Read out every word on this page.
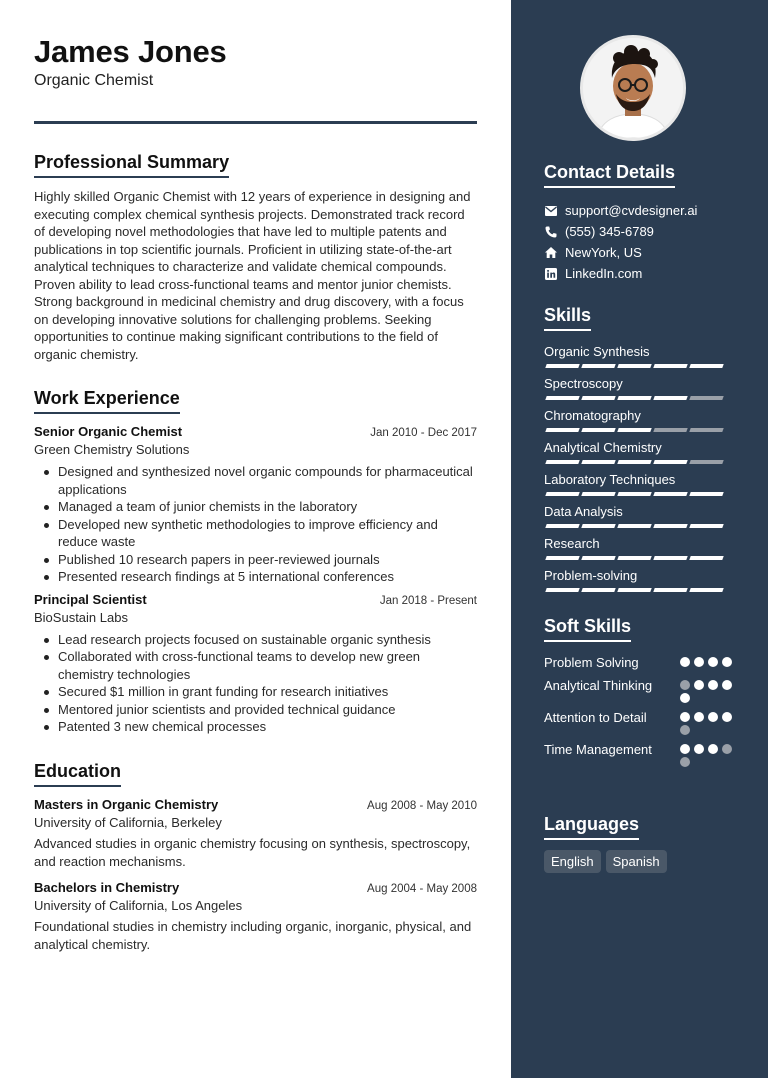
James Jones
Organic Chemist
Professional Summary

Highly skilled Organic Chemist with 12 years of experience in designing and executing complex chemical synthesis projects. Demonstrated track record of developing novel methodologies that have led to multiple patents and publications in top scientific journals. Proficient in utilizing state-of-the-art analytical techniques to characterize and validate chemical compounds. Proven ability to lead cross-functional teams and mentor junior chemists. Strong background in medicinal chemistry and drug discovery, with a focus on developing innovative solutions for challenging problems. Seeking opportunities to continue making significant contributions to the field of organic chemistry.

Work Experience
Senior Organic Chemist	Jan 2010 - Dec 2017
Green Chemistry Solutions
Designed and synthesized novel organic compounds for pharmaceutical applications
Managed a team of junior chemists in the laboratory
Developed new synthetic methodologies to improve efficiency and reduce waste
Published 10 research papers in peer-reviewed journals
Presented research findings at 5 international conferences
Principal Scientist	Jan 2018 - Present
BioSustain Labs
Lead research projects focused on sustainable organic synthesis
Collaborated with cross-functional teams to develop new green chemistry technologies
Secured $1 million in grant funding for research initiatives
Mentored junior scientists and provided technical guidance
Patented 3 new chemical processes
Education
Masters in Organic Chemistry	Aug 2008 - May 2010
University of California, Berkeley

Advanced studies in organic chemistry focusing on synthesis, spectroscopy, and reaction mechanisms.

Bachelors in Chemistry	Aug 2004 - May 2008
University of California, Los Angeles

Foundational studies in chemistry including organic, inorganic, physical, and analytical chemistry.

Contact Details
support@cvdesigner.ai
(555) 345-6789
NewYork, US
LinkedIn.com
Skills
Organic Synthesis
Spectroscopy
Chromatography
Analytical Chemistry
Laboratory Techniques
Data Analysis
Research
Problem-solving
Soft Skills
Problem Solving
Analytical Thinking
Attention to Detail
Time Management
Languages
English	Spanish
